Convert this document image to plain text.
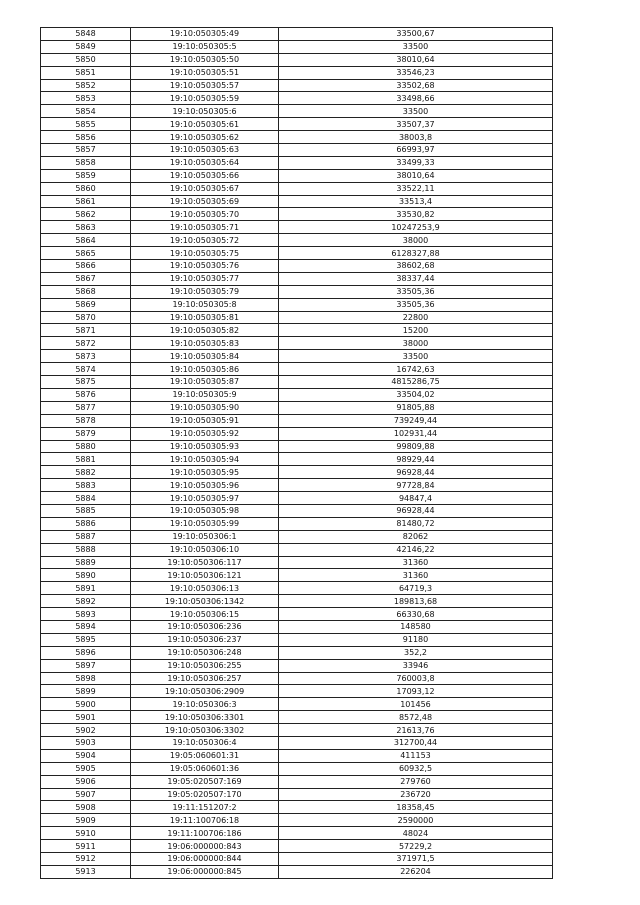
5848	19:10:050305:49	33500,67
5849	19:10:050305:5	33500
5850	19:10:050305:50	38010,64
5851	19:10:050305:51	33546,23
5852	19:10:050305:57	33502,68
5853	19:10:050305:59	33498,66
5854	19:10:050305:6	33500
5855	19:10:050305:61	33507,37
5856	19:10:050305:62	38003,8
5857	19:10:050305:63	66993,97
5858	19:10:050305:64	33499,33
5859	19:10:050305:66	38010,64
5860	19:10:050305:67	33522,11
5861	19:10:050305:69	33513,4
5862	19:10:050305:70	33530,82
5863	19:10:050305:71	10247253,9
5864	19:10:050305:72	38000
5865	19:10:050305:75	6128327,88
5866	19:10:050305:76	38602,68
5867	19:10:050305:77	38337,44
5868	19:10:050305:79	33505,36
5869	19:10:050305:8	33505,36
5870	19:10:050305:81	22800
5871	19:10:050305:82	15200
5872	19:10:050305:83	38000
5873	19:10:050305:84	33500
5874	19:10:050305:86	16742,63
5875	19:10:050305:87	4815286,75
5876	19:10:050305:9	33504,02
5877	19:10:050305:90	91805,88
5878	19:10:050305:91	739249,44
5879	19:10:050305:92	102931,44
5880	19:10:050305:93	99809,88
5881	19:10:050305:94	98929,44
5882	19:10:050305:95	96928,44
5883	19:10:050305:96	97728,84
5884	19:10:050305:97	94847,4
5885	19:10:050305:98	96928,44
5886	19:10:050305:99	81480,72
5887	19:10:050306:1	82062
5888	19:10:050306:10	42146,22
5889	19:10:050306:117	31360
5890	19:10:050306:121	31360
5891	19:10:050306:13	64719,3
5892	19:10:050306:1342	189813,68
5893	19:10:050306:15	66330,68
5894	19:10:050306:236	148580
5895	19:10:050306:237	91180
5896	19:10:050306:248	352,2
5897	19:10:050306:255	33946
5898	19:10:050306:257	760003,8
5899	19:10:050306:2909	17093,12
5900	19:10:050306:3	101456
5901	19:10:050306:3301	8572,48
5902	19:10:050306:3302	21613,76
5903	19:10:050306:4	312700,44
5904	19:05:060601:31	411153
5905	19:05:060601:36	60932,5
5906	19:05:020507:169	279760
5907	19:05:020507:170	236720
5908	19:11:151207:2	18358,45
5909	19:11:100706:18	2590000
5910	19:11:100706:186	48024
5911	19:06:000000:843	57229,2
5912	19:06:000000:844	371971,5
5913	19:06:000000:845	226204
